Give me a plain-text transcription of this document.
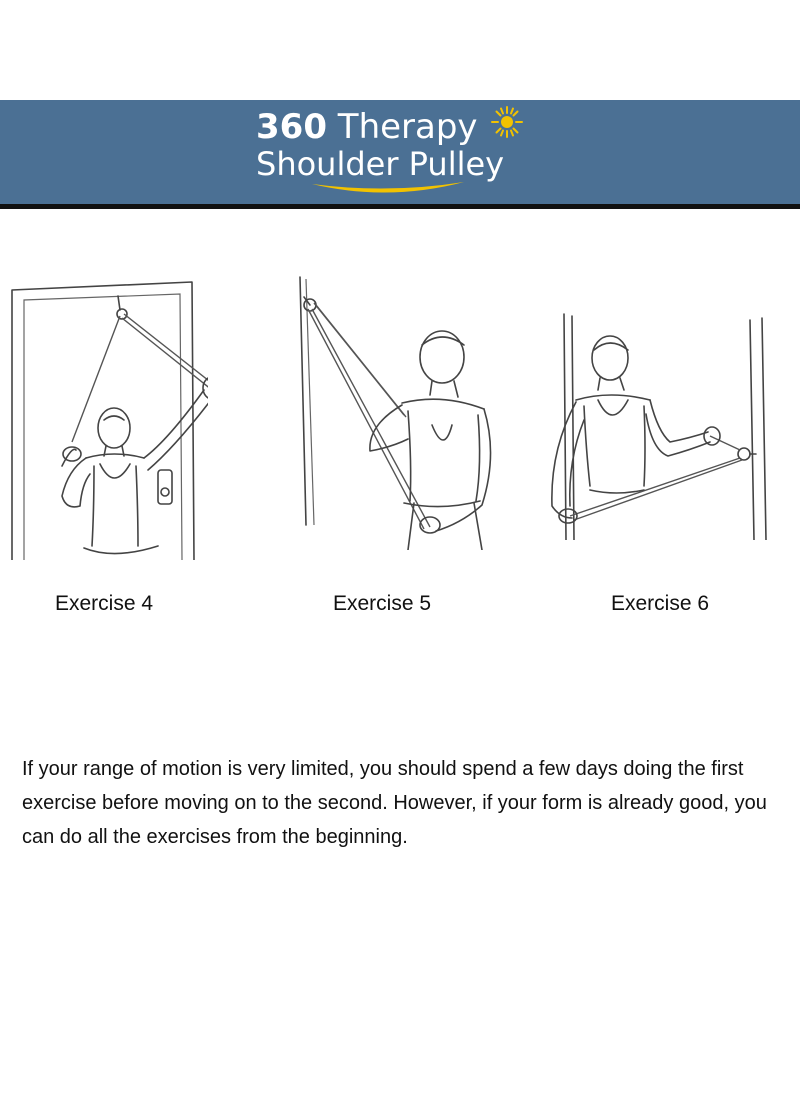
360 Therapy
Shoulder Pulley
Exercise 4	Exercise 5	Exercise 6

If your range of motion is very limited, you should spend a few days doing the first exercise before moving on to the second. However, if your form is already good, you can do all the exercises from the beginning.
